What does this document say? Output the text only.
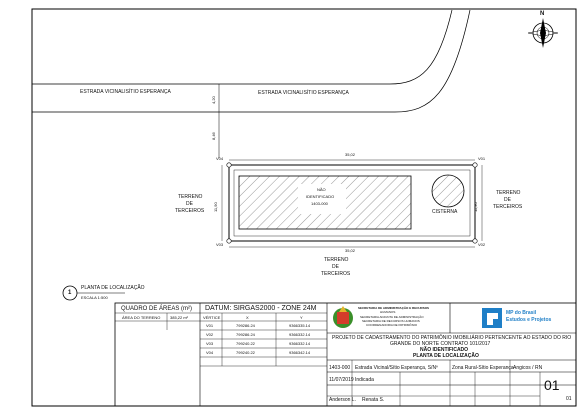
ESTRADA VICINALISÍTIO ESPERANÇA	ESTRADA VICINALISÍTIO ESPERANÇA
4,20
8,46
35,02
35,02
11,90	11,90
V01
V02
V03
V04
NÃO
IDENTIFICADO
1403-000
CISTERNA
TERRENO
DE
TERCEIROS
TERRENO
DE
TERCEIROS
TERRENO
DE
TERCEIROS
N
1
PLANTA DE LOCALIZAÇÃO
ESCALA 1:500
QUADRO DE ÁREAS (m²)
ÁREA DO TERRENO 385,22 m²
DATUM: SIRGAS2000 - ZONE 24M
VÉRTICE	X	Y
V01	799286.24	9366335.14
V02	799286.24	9366332.14
V03	799240.22	9366332.14
V04	799240.22	9366342.14
SECRETARIA DE ADMINISTRAÇÃO E RECURSOS
HUMANOS
SECRETARIA ADJUNTA DE ADMINISTRAÇÃO
SECRETARIA DE RECURSOS HUMANOS
COORDENADORIA DE PATRIMÔNIO
MP do Brasil
Estudos e Projetos
PROJETO DE CADASTRAMENTO DO PATRIMÔNIO IMOBILIÁRIO PERTENCENTE AO ESTADO DO RIO
GRANDE DO NORTE CONTRATO 101/2017
NÃO IDENTIFICADO
PLANTA DE LOCALIZAÇÃO
1403-000 Estrada Vicinal/Sítio Esperança, S/Nº	Zona Rural-Sítio Esperança Angicos / RN
11/07/2019 Indicada
Anderson L. Renata S.
01
01
